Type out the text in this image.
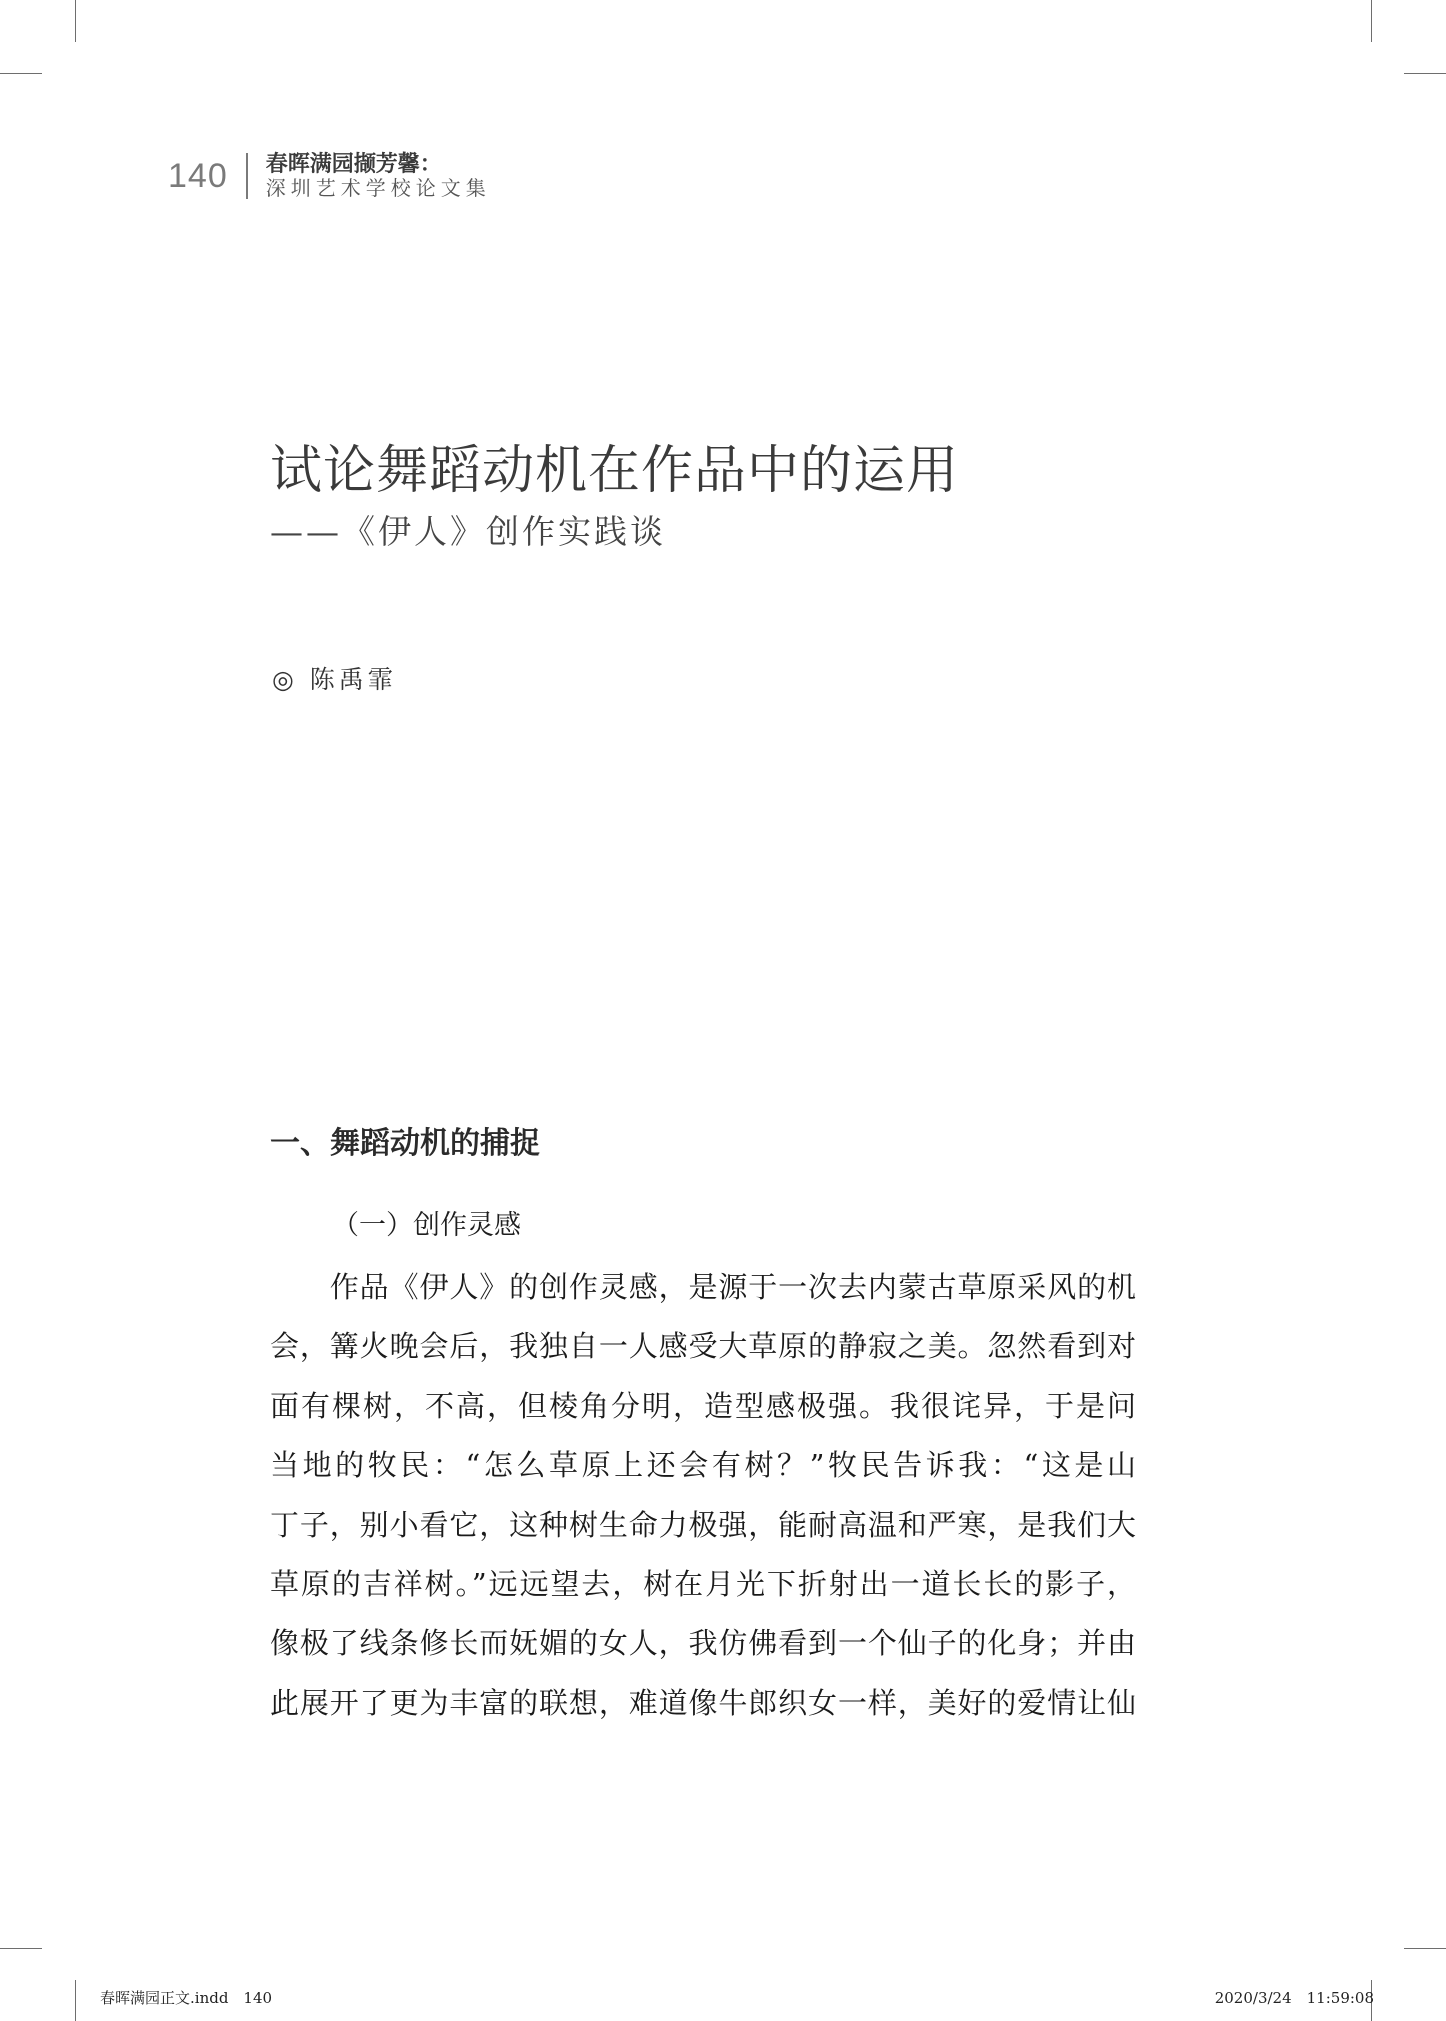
140 春晖满园撷芳馨：
深圳艺术学校论文集
试论舞蹈动机在作品中的运用
——《伊人》创作实践谈
◎ 陈禹霏
一、舞蹈动机的捕捉
（一）创作灵感
　　作品《伊人》的创作灵感，是源于一次去内蒙古草原采风的机
会，篝火晚会后，我独自一人感受大草原的静寂之美。忽然看到对
面有棵树，不高，但棱角分明，造型感极强。我很诧异，于是问
当地的牧民：“怎么草原上还会有树？”牧民告诉我：“这是山
丁子，别小看它，这种树生命力极强，能耐高温和严寒，是我们大
草原的吉祥树。”远远望去，树在月光下折射出一道长长的影子，
像极了线条修长而妩媚的女人，我仿佛看到一个仙子的化身；并由
此展开了更为丰富的联想，难道像牛郎织女一样，美好的爱情让仙
春晖满园正文.indd　140	2020/3/24　11:59:08
